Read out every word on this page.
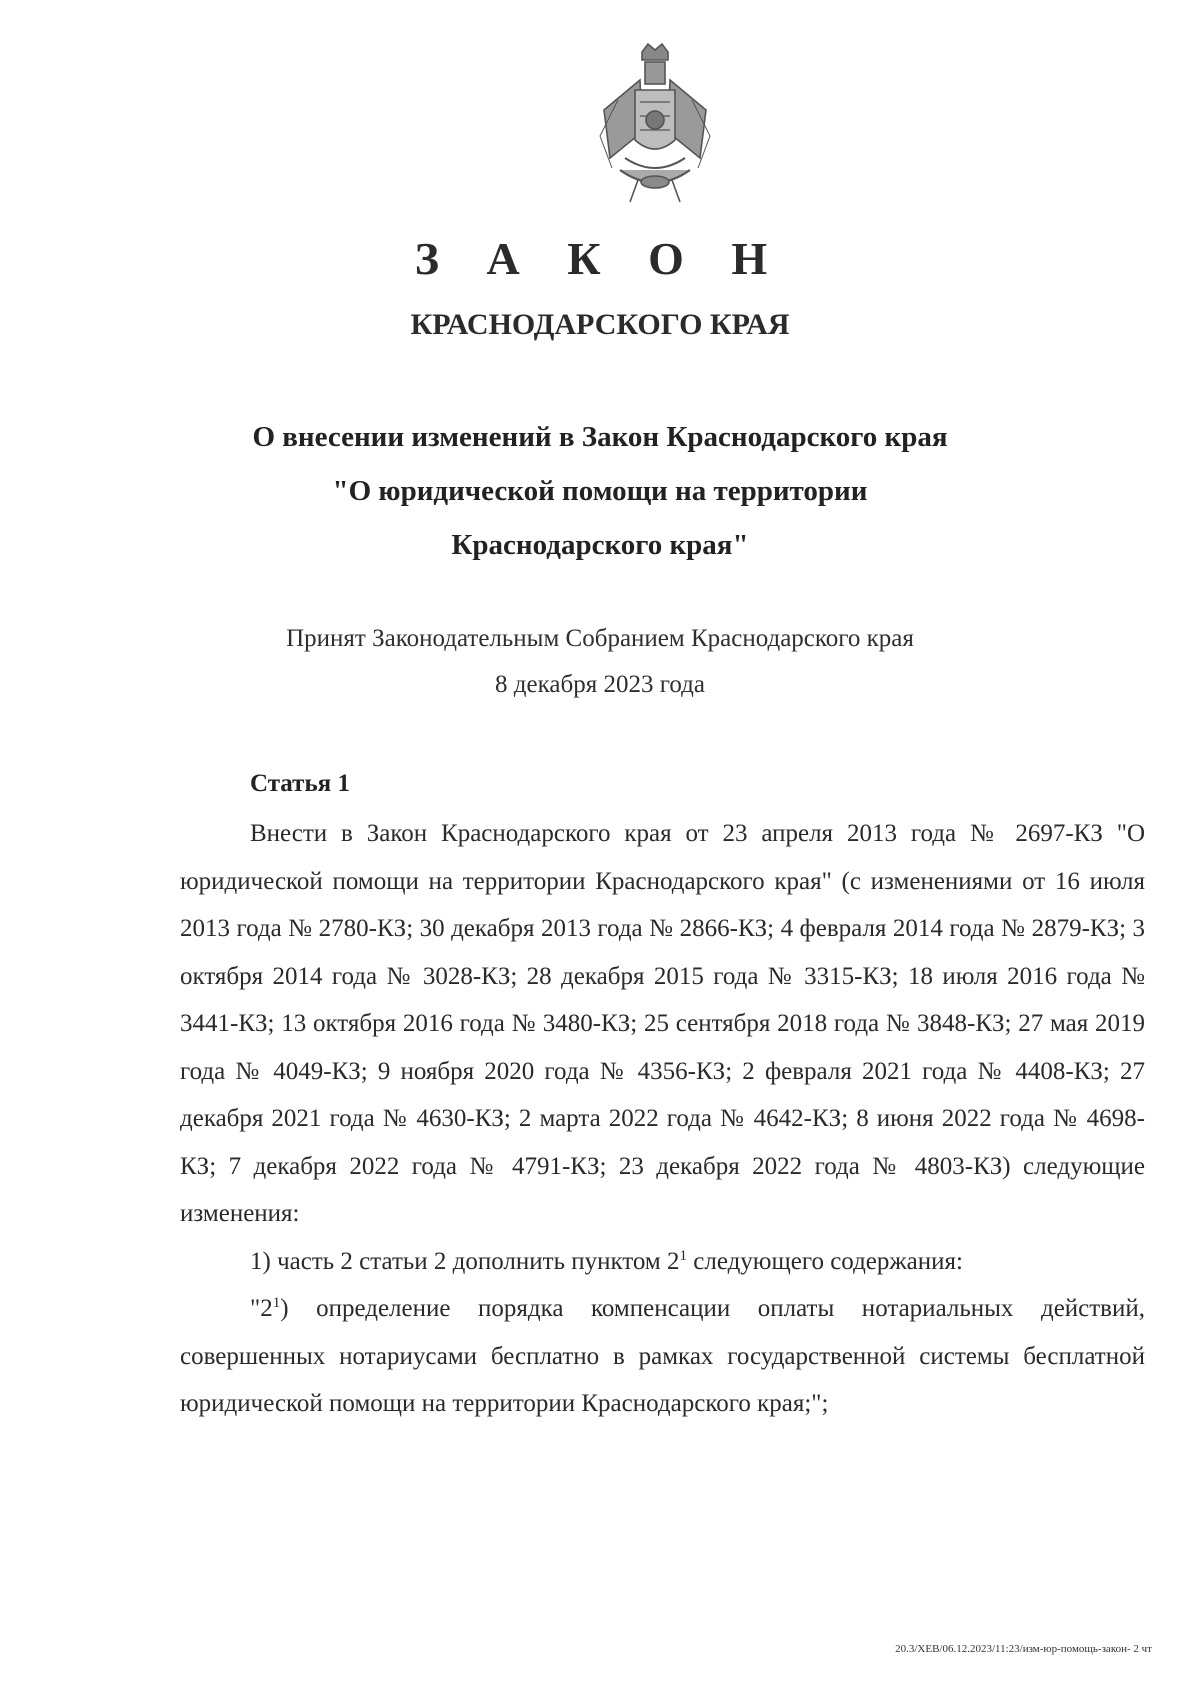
З А К О Н
КРАСНОДАРСКОГО КРАЯ
О внесении изменений в Закон Краснодарского края
"О юридической помощи на территории
Краснодарского края"
Принят Законодательным Собранием Краснодарского края
8 декабря 2023 года
Статья 1

Внести в Закон Краснодарского края от 23 апреля 2013 года № 2697-КЗ "О юридической помощи на территории Краснодарского края" (с изменениями от 16 июля 2013 года № 2780-КЗ; 30 декабря 2013 года № 2866-КЗ; 4 февраля 2014 года № 2879-КЗ; 3 октября 2014 года № 3028-КЗ; 28 декабря 2015 года № 3315-КЗ; 18 июля 2016 года № 3441-КЗ; 13 октября 2016 года № 3480-КЗ; 25 сентября 2018 года № 3848-КЗ; 27 мая 2019 года № 4049-КЗ; 9 ноября 2020 года № 4356-КЗ; 2 февраля 2021 года № 4408-КЗ; 27 декабря 2021 года № 4630-КЗ; 2 марта 2022 года № 4642-КЗ; 8 июня 2022 года № 4698-КЗ; 7 декабря 2022 года № 4791-КЗ; 23 декабря 2022 года № 4803-КЗ) следующие изменения:

1) часть 2 статьи 2 дополнить пунктом $2^1$ следующего содержания:

"$2^1$) определение порядка компенсации оплаты нотариальных действий, совершенных нотариусами бесплатно в рамках государственной системы бесплатной юридической помощи на территории Краснодарского края;";

20.3/ХЕВ/06.12.2023/11:23/изм-юр-помощь-закон- 2 чт
